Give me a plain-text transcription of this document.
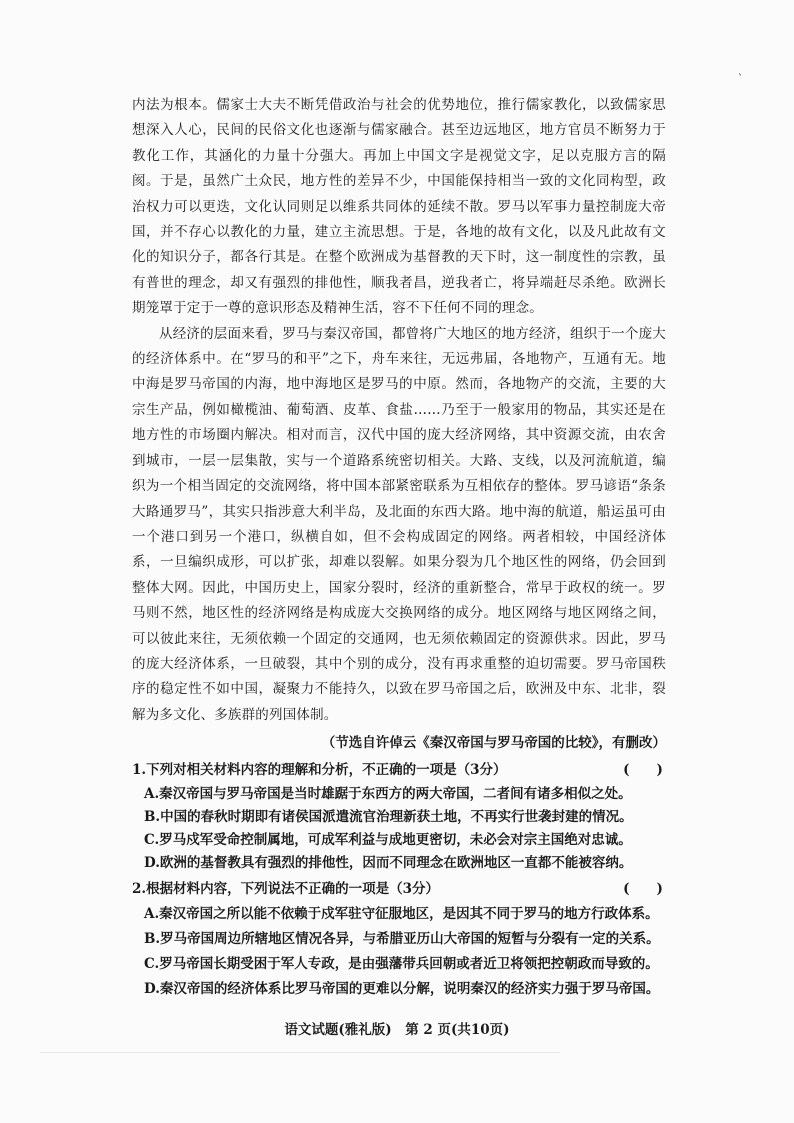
`

内法为根本。儒家士大夫不断凭借政治与社会的优势地位，推行儒家教化，以致儒家思想深入人心，民间的民俗文化也逐渐与儒家融合。甚至边远地区，地方官员不断努力于教化工作，其涵化的力量十分强大。再加上中国文字是视觉文字，足以克服方言的隔阂。于是，虽然广土众民，地方性的差异不少，中国能保持相当一致的文化同构型，政治权力可以更迭，文化认同则足以维系共同体的延续不散。罗马以军事力量控制庞大帝国，并不存心以教化的力量，建立主流思想。于是，各地的故有文化，以及凡此故有文化的知识分子，都各行其是。在整个欧洲成为基督教的天下时，这一制度性的宗教，虽有普世的理念，却又有强烈的排他性，顺我者昌，逆我者亡，将异端赶尽杀绝。欧洲长期笼罩于定于一尊的意识形态及精神生活，容不下任何不同的理念。

从经济的层面来看，罗马与秦汉帝国，都曾将广大地区的地方经济，组织于一个庞大的经济体系中。在“罗马的和平”之下，舟车来往，无远弗届，各地物产，互通有无。地中海是罗马帝国的内海，地中海地区是罗马的中原。然而，各地物产的交流，主要的大宗生产品，例如橄榄油、葡萄酒、皮革、食盐……乃至于一般家用的物品，其实还是在地方性的市场圈内解决。相对而言，汉代中国的庞大经济网络，其中资源交流，由农舍到城市，一层一层集散，实与一个道路系统密切相关。大路、支线，以及河流航道，编织为一个相当固定的交流网络，将中国本部紧密联系为互相依存的整体。罗马谚语“条条大路通罗马”，其实只指涉意大利半岛，及北面的东西大路。地中海的航道，船运虽可由一个港口到另一个港口，纵横自如，但不会构成固定的网络。两者相较，中国经济体系，一旦编织成形，可以扩张，却难以裂解。如果分裂为几个地区性的网络，仍会回到整体大网。因此，中国历史上，国家分裂时，经济的重新整合，常早于政权的统一。罗马则不然，地区性的经济网络是构成庞大交换网络的成分。地区网络与地区网络之间，可以彼此来往，无须依赖一个固定的交通网，也无须依赖固定的资源供求。因此，罗马的庞大经济体系，一旦破裂，其中个别的成分，没有再求重整的迫切需要。罗马帝国秩序的稳定性不如中国，凝聚力不能持久，以致在罗马帝国之后，欧洲及中东、北非，裂解为多文化、多族群的列国体制。

（节选自许倬云《秦汉帝国与罗马帝国的比较》，有删改）

1.下列对相关材料内容的理解和分析，不正确的一项是（3分）	(　　)

A.秦汉帝国与罗马帝国是当时雄踞于东西方的两大帝国，二者间有诸多相似之处。

B.中国的春秋时期即有诸侯国派遣流官治理新获土地，不再实行世袭封建的情况。

C.罗马戍军受命控制属地，可成军利益与成地更密切，未必会对宗主国绝对忠诚。

D.欧洲的基督教具有强烈的排他性，因而不同理念在欧洲地区一直都不能被容纳。

2.根据材料内容，下列说法不正确的一项是（3分）	(　　)

A.秦汉帝国之所以能不依赖于戍军驻守征服地区，是因其不同于罗马的地方行政体系。

B.罗马帝国周边所辖地区情况各异，与希腊亚历山大帝国的短暂与分裂有一定的关系。

C.罗马帝国长期受困于军人专政，是由强藩带兵回朝或者近卫将领把控朝政而导致的。

D.秦汉帝国的经济体系比罗马帝国的更难以分解，说明秦汉的经济实力强于罗马帝国。

语文试题(雅礼版)　第 2 页(共10页)
